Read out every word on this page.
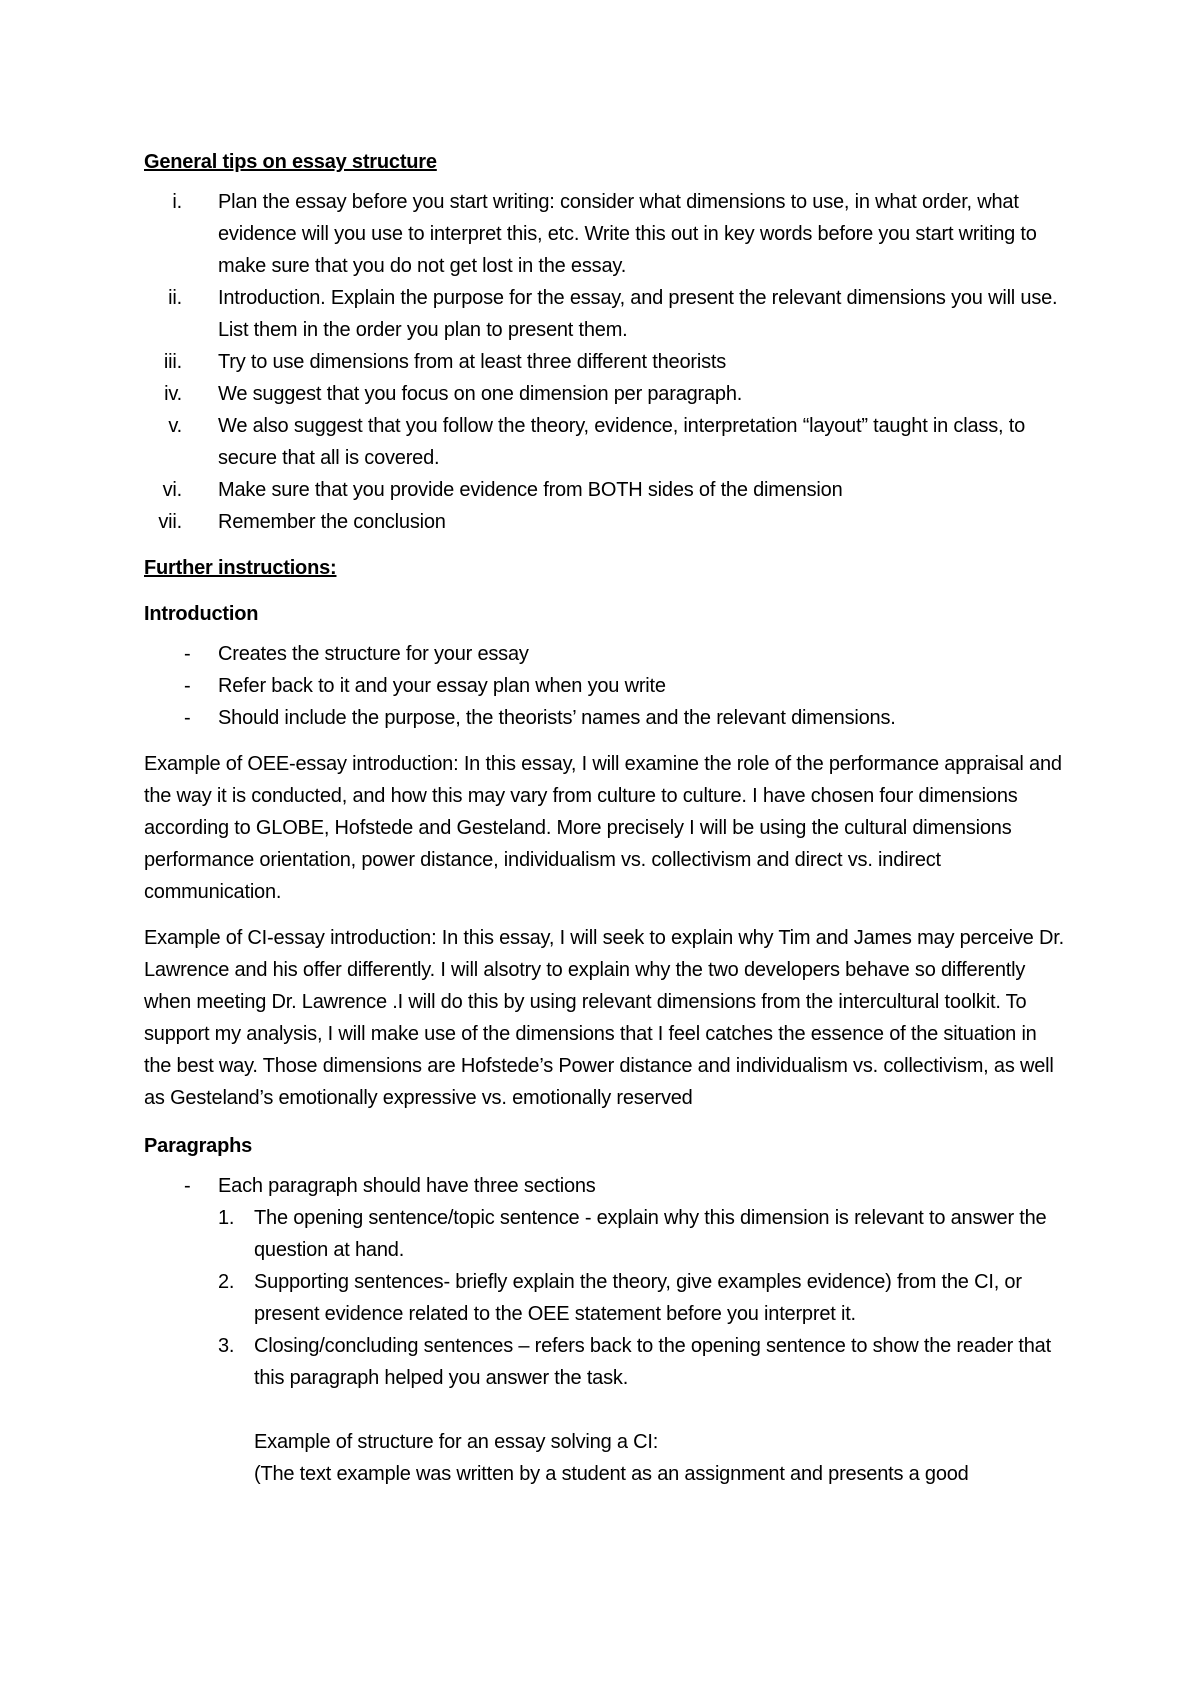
General tips on essay structure

i. Plan the essay before you start writing: consider what dimensions to use, in what order, what evidence will you use to interpret this, etc. Write this out in key words before you start writing to make sure that you do not get lost in the essay.
ii. Introduction. Explain the purpose for the essay, and present the relevant dimensions you will use. List them in the order you plan to present them.
iii. Try to use dimensions from at least three different theorists
iv. We suggest that you focus on one dimension per paragraph.
v. We also suggest that you follow the theory, evidence, interpretation “layout” taught in class, to secure that all is covered.
vi. Make sure that you provide evidence from BOTH sides of the dimension
vii. Remember the conclusion

Further instructions:

Introduction

- Creates the structure for your essay
- Refer back to it and your essay plan when you write
- Should include the purpose, the theorists’ names and the relevant dimensions.

Example of OEE-essay introduction: In this essay, I will examine the role of the performance appraisal and the way it is conducted, and how this may vary from culture to culture. I have chosen four dimensions according to GLOBE, Hofstede and Gesteland. More precisely I will be using the cultural dimensions performance orientation, power distance, individualism vs. collectivism and direct vs. indirect communication.

Example of CI-essay introduction: In this essay, I will seek to explain why Tim and James may perceive Dr. Lawrence and his offer differently. I will alsotry to explain why the two developers behave so differently when meeting Dr. Lawrence .I will do this by using relevant dimensions from the intercultural toolkit. To support my analysis, I will make use of the dimensions that I feel catches the essence of the situation in the best way. Those dimensions are Hofstede’s Power distance and individualism vs. collectivism, as well as Gesteland’s emotionally expressive vs. emotionally reserved

Paragraphs

- Each paragraph should have three sections
1. The opening sentence/topic sentence - explain why this dimension is relevant to answer the question at hand.
2. Supporting sentences- briefly explain the theory, give examples evidence) from the CI, or present evidence related to the OEE statement before you interpret it.
3. Closing/concluding sentences – refers back to the opening sentence to show the reader that this paragraph helped you answer the task.
Example of structure for an essay solving a CI:
(The text example was written by a student as an assignment and presents a good
